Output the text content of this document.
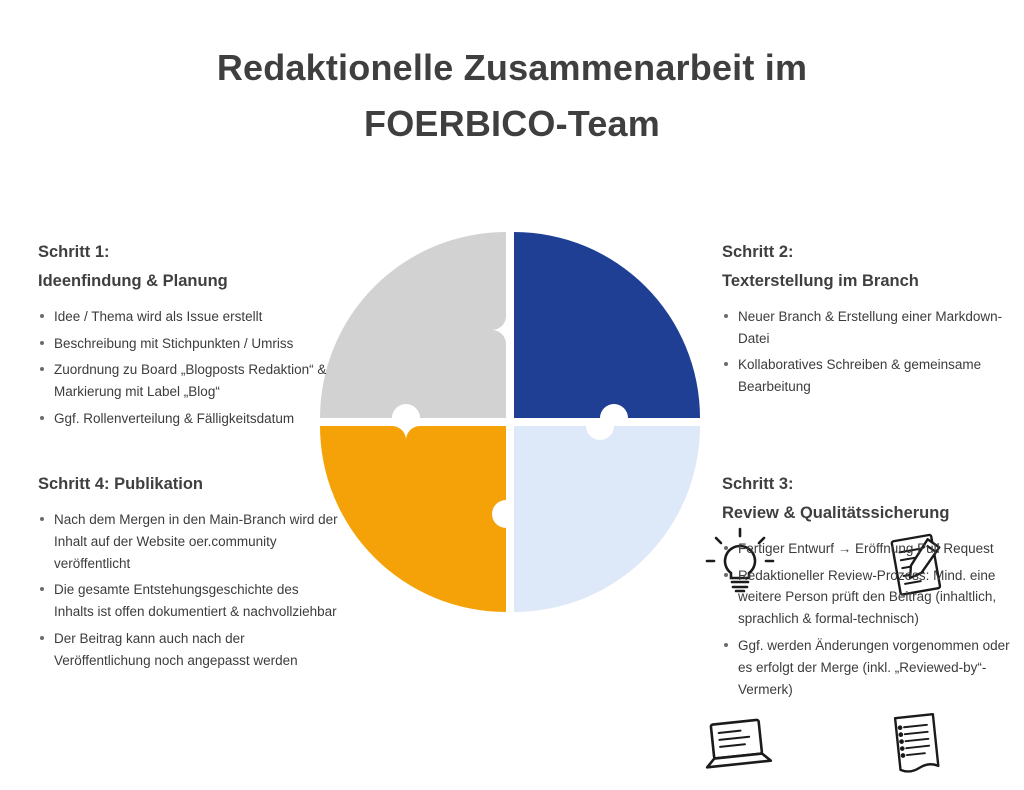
Redaktionelle Zusammenarbeit im
FOERBICO-Team
Schritt 1:
Ideenfindung & Planung
Idee / Thema wird als Issue erstellt
Beschreibung mit Stichpunkten / Umriss
Zuordnung zu Board „Blogposts Redaktion“ & Markierung mit Label „Blog“
Ggf. Rollenverteilung & Fälligkeitsdatum
Schritt 2:
Texterstellung im Branch
Neuer Branch & Erstellung einer Markdown-Datei
Kollaboratives Schreiben & gemeinsame Bearbeitung
Schritt 3:
Review & Qualitätssicherung
Fertiger Entwurf → Eröffnung Pull Request
Redaktioneller Review-Prozess: Mind. eine weitere Person prüft den Beitrag (inhaltlich, sprachlich & formal-technisch)
Ggf. werden Änderungen vorgenommen oder es erfolgt der Merge (inkl. „Reviewed-by“-Vermerk)
Schritt 4: Publikation
Nach dem Mergen in den Main-Branch wird der Inhalt auf der Website oer.community veröffentlicht
Die gesamte Entstehungsgeschichte des Inhalts ist offen dokumentiert & nachvollziehbar
Der Beitrag kann auch nach der Veröffentlichung noch angepasst werden
